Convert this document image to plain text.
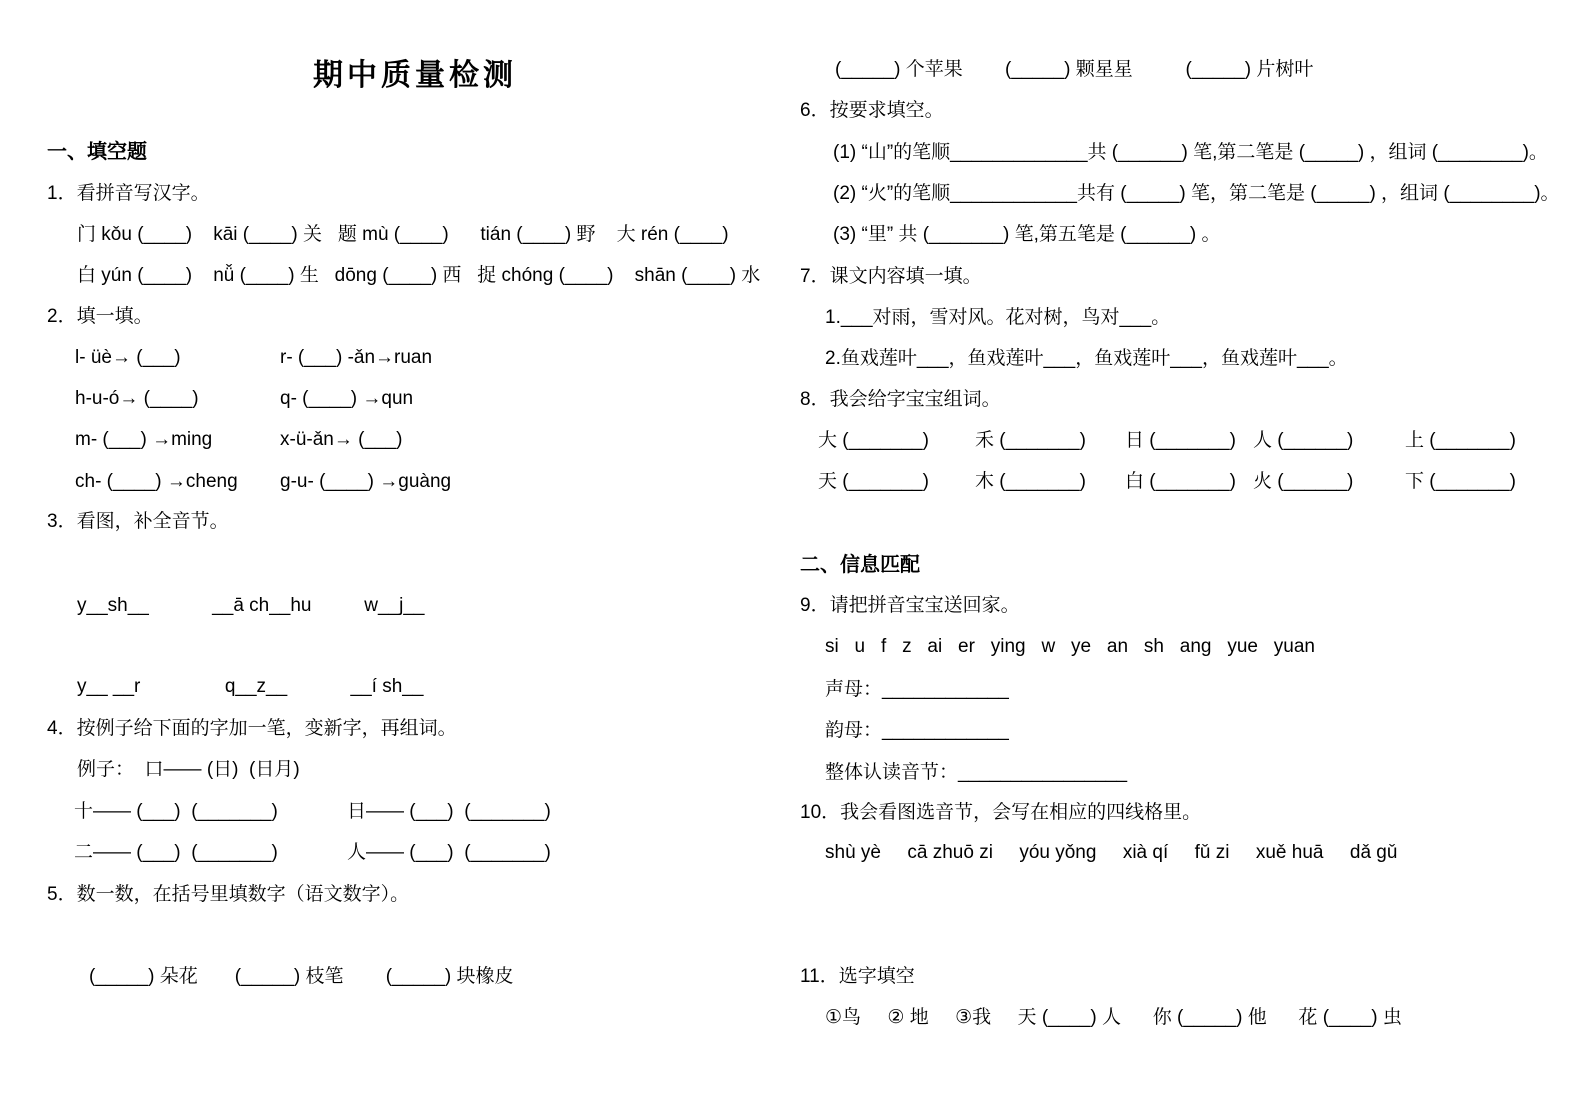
期中质量检测
一、填空题
1．看拼音写汉字。
门 kǒu (____)    kāi (____) 关   题 mù (____)      tián (____) 野    大 rén (____)
白 yún (____)    nǚ (____) 生   dōng (____) 西   捉 chóng (____)    shān (____) 水
2．填一填。
l- üè→ (___)	r- (___) -ǎn→ruan
h-u-ó→ (____)	q- (____) →qun
m- (___) →ming	x-ü-ǎn→ (___)
ch- (____) →cheng g-u- (____) →guàng
3．看图，补全音节。
y__sh__            __ā ch__hu          w__j__
y__ __r                q__z__            __í sh__
4．按例子给下面的字加一笔，变新字，再组词。
例子：  口—— (日)  (日月)
十—— (___)  (_______)	日—— (___)  (_______)
二—— (___)  (_______)	人—— (___)  (_______)
5．数一数，在括号里填数字（语文数字）。
(_____) 朵花       (_____) 枝笔        (_____) 块橡皮
(_____) 个苹果        (_____) 颗星星          (_____) 片树叶
6．按要求填空。
(1) “山”的笔顺_____________共 (______) 笔,第二笔是 (_____) ，组词 (________)。
(2) “火”的笔顺____________共有 (_____) 笔，第二笔是 (_____) ，组词 (________)。
(3) “里” 共 (_______) 笔,第五笔是 (______) 。
7．课文内容填一填。
1.___对雨，雪对风。花对树，鸟对___。
2.鱼戏莲叶___，鱼戏莲叶___，鱼戏莲叶___，鱼戏莲叶___。
8．我会给字宝宝组词。
大 (_______) 禾 (_______) 日 (_______) 人 (______)	上 (_______)
天 (_______) 木 (_______) 白 (_______) 火 (______)	下 (_______)
二、信息匹配
9．请把拼音宝宝送回家。
si   u   f   z   ai   er   ying   w   ye   an   sh   ang   yue   yuan
声母：____________
韵母：____________
整体认读音节：________________
10．我会看图选音节，会写在相应的四线格里。
shù yè     cā zhuō zi     yóu yǒng     xià qí     fǔ zi     xuě huā     dǎ gǔ
11．选字填空
①鸟     ② 地     ③我     天 (____) 人      你 (_____) 他      花 (____) 虫
